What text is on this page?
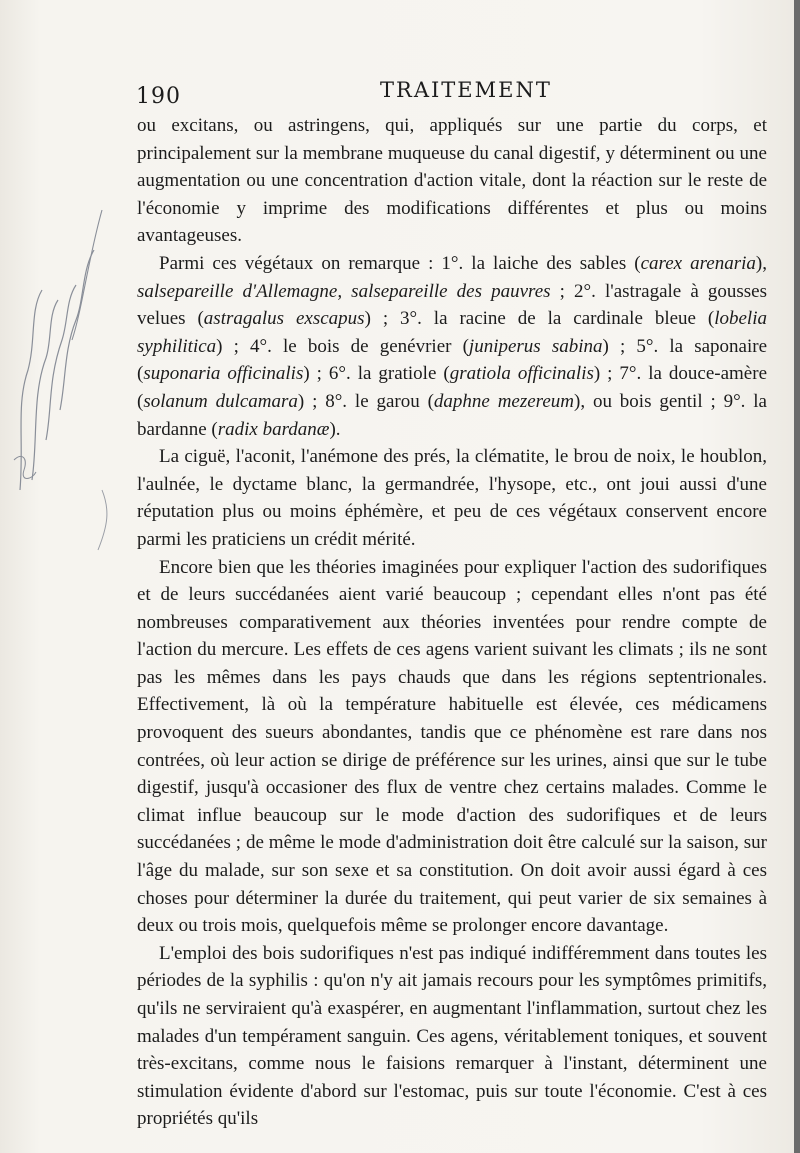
190	TRAITEMENT

ou excitans, ou astringens, qui, appliqués sur une partie du corps, et principalement sur la membrane muqueuse du canal digestif, y déterminent ou une augmentation ou une concentration d'action vitale, dont la réaction sur le reste de l'économie y imprime des modifications différentes et plus ou moins avantageuses.

Parmi ces végétaux on remarque : 1°. la laiche des sables (carex arenaria), salsepareille d'Allemagne, salsepareille des pauvres ; 2°. l'astragale à gousses velues (astragalus exscapus) ; 3°. la racine de la cardinale bleue (lobelia syphilitica) ; 4°. le bois de genévrier (juniperus sabina) ; 5°. la saponaire (suponaria officinalis) ; 6°. la gratiole (gratiola officinalis) ; 7°. la douce-amère (solanum dulcamara) ; 8°. le garou (daphne mezereum), ou bois gentil ; 9°. la bardanne (radix bardanæ).

La ciguë, l'aconit, l'anémone des prés, la clématite, le brou de noix, le houblon, l'aulnée, le dyctame blanc, la germandrée, l'hysope, etc., ont joui aussi d'une réputation plus ou moins éphémère, et peu de ces végétaux conservent encore parmi les praticiens un crédit mérité.

Encore bien que les théories imaginées pour expliquer l'action des sudorifiques et de leurs succédanées aient varié beaucoup ; cependant elles n'ont pas été nombreuses comparativement aux théories inventées pour rendre compte de l'action du mercure. Les effets de ces agens varient suivant les climats ; ils ne sont pas les mêmes dans les pays chauds que dans les régions septentrionales. Effectivement, là où la température habituelle est élevée, ces médicamens provoquent des sueurs abondantes, tandis que ce phénomène est rare dans nos contrées, où leur action se dirige de préférence sur les urines, ainsi que sur le tube digestif, jusqu'à occasioner des flux de ventre chez certains malades. Comme le climat influe beaucoup sur le mode d'action des sudorifiques et de leurs succédanées ; de même le mode d'administration doit être calculé sur la saison, sur l'âge du malade, sur son sexe et sa constitution. On doit avoir aussi égard à ces choses pour déterminer la durée du traitement, qui peut varier de six semaines à deux ou trois mois, quelquefois même se prolonger encore davantage.

L'emploi des bois sudorifiques n'est pas indiqué indifféremment dans toutes les périodes de la syphilis : qu'on n'y ait jamais recours pour les symptômes primitifs, qu'ils ne serviraient qu'à exaspérer, en augmentant l'inflammation, surtout chez les malades d'un tempérament sanguin. Ces agens, véritablement toniques, et souvent très-excitans, comme nous le faisions remarquer à l'instant, déterminent une stimulation évidente d'abord sur l'estomac, puis sur toute l'économie. C'est à ces propriétés qu'ils
